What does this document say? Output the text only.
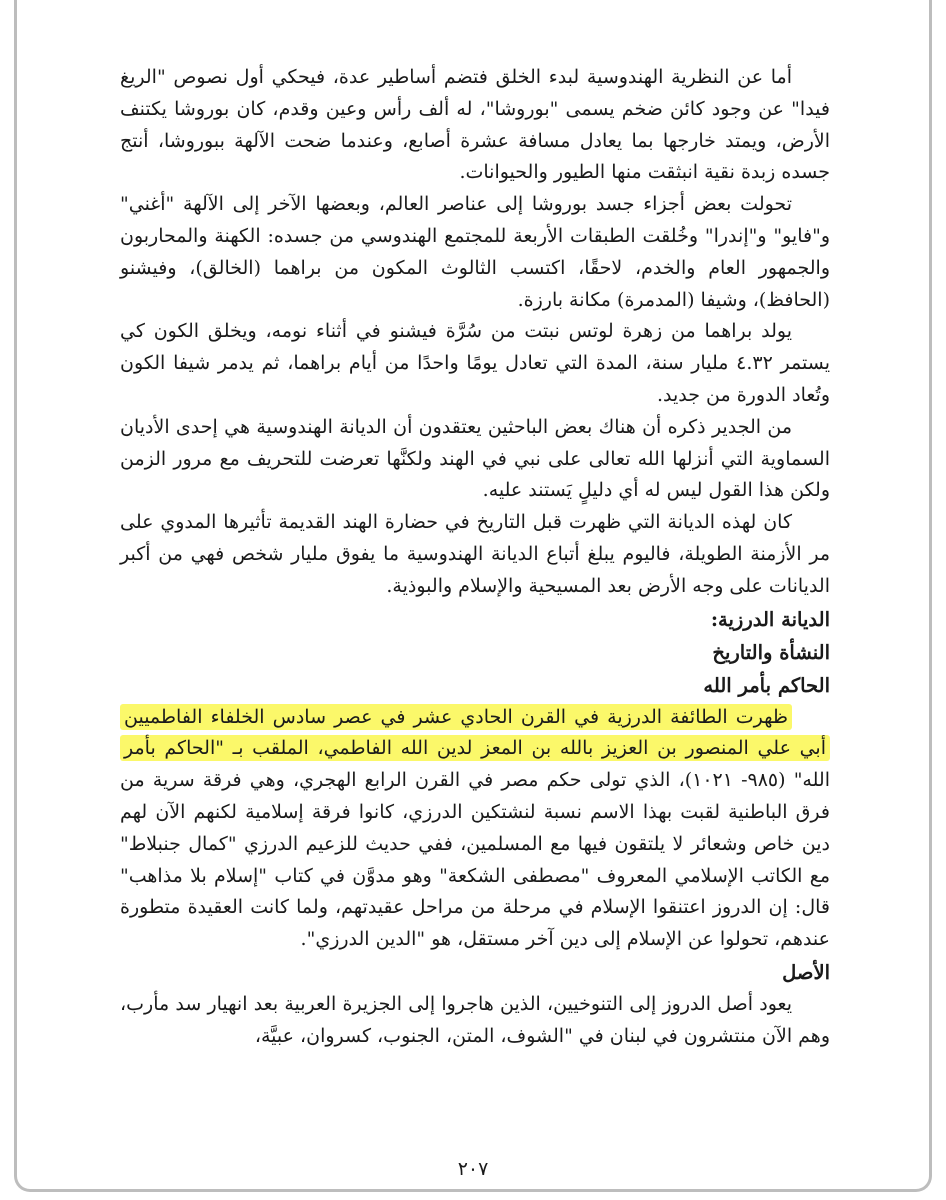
أما عن النظرية الهندوسية لبدء الخلق فتضم أساطير عدة، فيحكي أول نصوص "الريغ فيدا" عن وجود كائن ضخم يسمى "بوروشا"، له ألف رأس وعين وقدم، كان بوروشا يكتنف الأرض، ويمتد خارجها بما يعادل مسافة عشرة أصابع، وعندما ضحت الآلهة ببوروشا، أنتج جسده زبدة نقية انبثقت منها الطيور والحيوانات.

تحولت بعض أجزاء جسد بوروشا إلى عناصر العالم، وبعضها الآخر إلى الآلهة "أغني" و"فايو" و"إندرا" وخُلقت الطبقات الأربعة للمجتمع الهندوسي من جسده: الكهنة والمحاربون والجمهور العام والخدم، لاحقًا، اكتسب الثالوث المكون من براهما (الخالق)، وفيشنو (الحافظ)، وشيفا (المدمرة) مكانة بارزة.

يولد براهما من زهرة لوتس نبتت من سُرَّة فيشنو في أثناء نومه، ويخلق الكون كي يستمر ٤.٣٢ مليار سنة، المدة التي تعادل يومًا واحدًا من أيام براهما، ثم يدمر شيفا الكون وتُعاد الدورة من جديد.

من الجدير ذكره أن هناك بعض الباحثين يعتقدون أن الديانة الهندوسية هي إحدى الأديان السماوية التي أنزلها الله تعالى على نبي في الهند ولكنَّها تعرضت للتحريف مع مرور الزمن ولكن هذا القول ليس له أي دليلٍ يَستند عليه.

كان لهذه الديانة التي ظهرت قبل التاريخ في حضارة الهند القديمة تأثيرها المدوي على مر الأزمنة الطويلة، فاليوم يبلغ أتباع الديانة الهندوسية ما يفوق مليار شخص فهي من أكبر الديانات على وجه الأرض بعد المسيحية والإسلام والبوذية.

الديانة الدرزية:
النشأة والتاريخ
الحاكم بأمر الله

ظهرت الطائفة الدرزية في القرن الحادي عشر في عصر سادس الخلفاء الفاطميين أبي علي المنصور بن العزيز بالله بن المعز لدين الله الفاطمي، الملقب بـ "الحاكم بأمر الله" (٩٨٥- ١٠٢١)، الذي تولى حكم مصر في القرن الرابع الهجري، وهي فرقة سرية من فرق الباطنية لقبت بهذا الاسم نسبة لنشتكين الدرزي، كانوا فرقة إسلامية لكنهم الآن لهم دين خاص وشعائر لا يلتقون فيها مع المسلمين، ففي حديث للزعيم الدرزي "كمال جنبلاط" مع الكاتب الإسلامي المعروف "مصطفى الشكعة" وهو مدوَّن في كتاب "إسلام بلا مذاهب" قال: إن الدروز اعتنقوا الإسلام في مرحلة من مراحل عقيدتهم، ولما كانت العقيدة متطورة عندهم، تحولوا عن الإسلام إلى دين آخر مستقل، هو "الدين الدرزي".

الأصل

يعود أصل الدروز إلى التنوخيين، الذين هاجروا إلى الجزيرة العربية بعد انهيار سد مأرب، وهم الآن منتشرون في لبنان في "الشوف، المتن، الجنوب، كسروان، عبيَّة،

٢٠٧
